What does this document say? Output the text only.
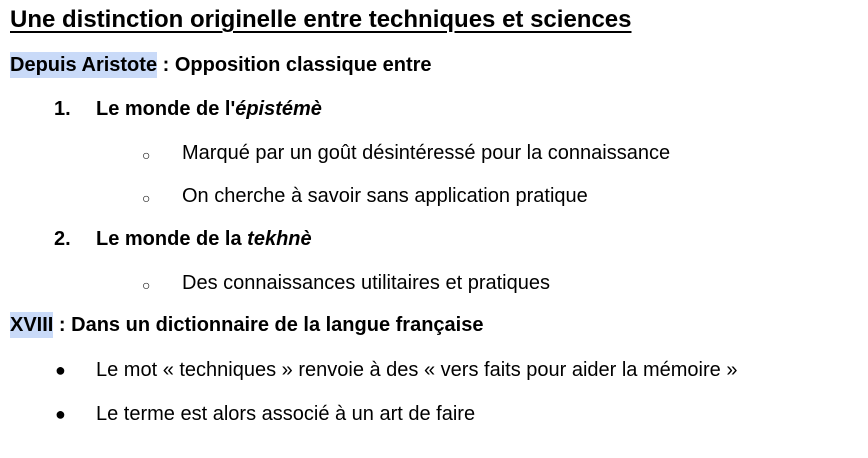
Une distinction originelle entre techniques et sciences
Depuis Aristote : Opposition classique entre
1. Le monde de l'épistémè
○ Marqué par un goût désintéressé pour la connaissance
○ On cherche à savoir sans application pratique
2. Le monde de la tekhnè
○ Des connaissances utilitaires et pratiques
XVIII : Dans un dictionnaire de la langue française
● Le mot « techniques » renvoie à des « vers faits pour aider la mémoire »
● Le terme est alors associé à un art de faire
